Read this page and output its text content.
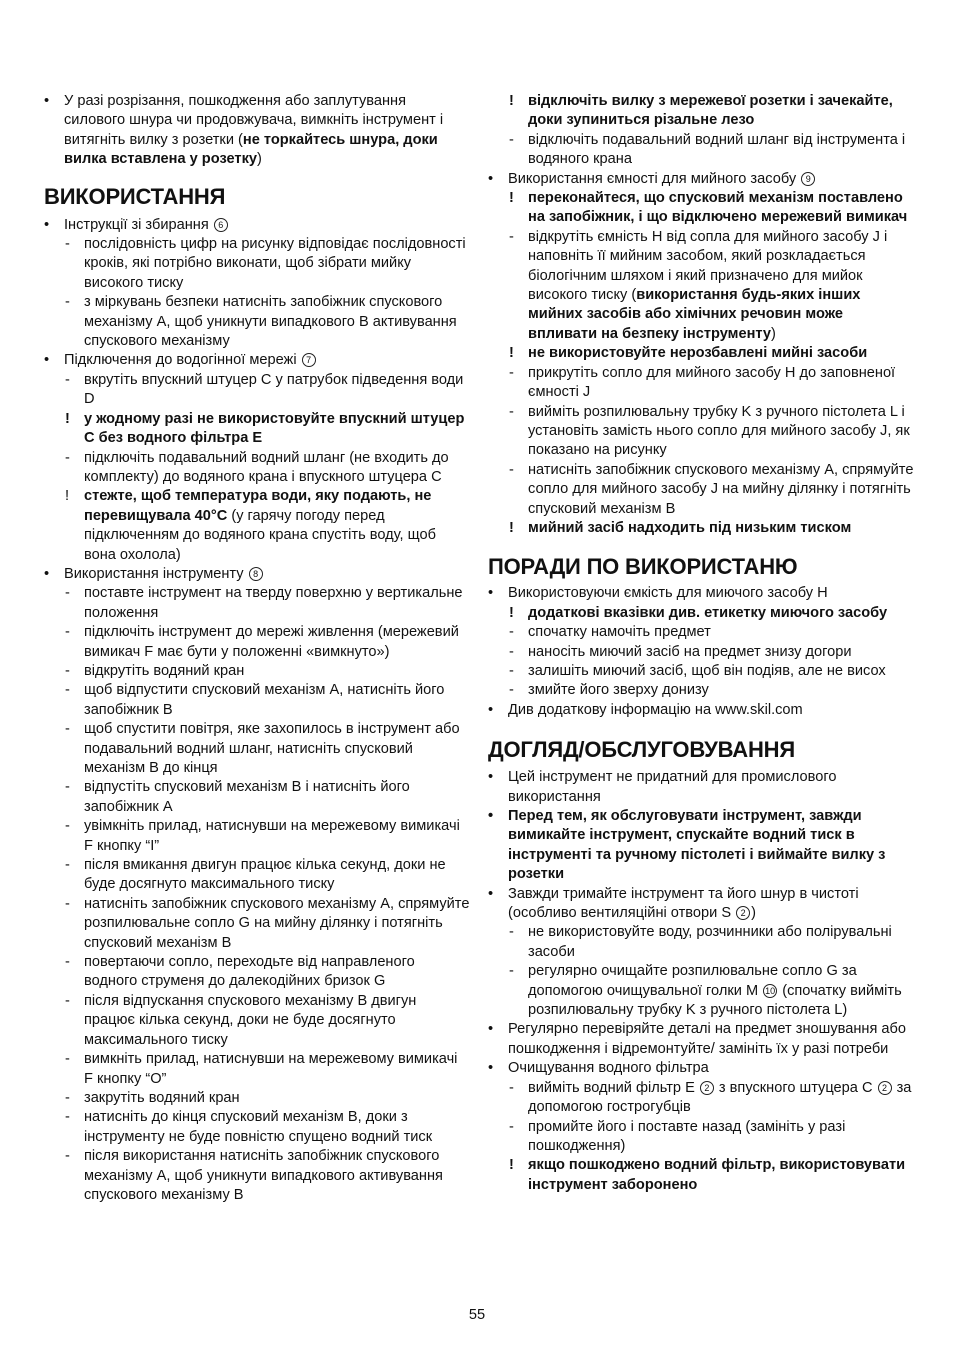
• У разі розрізання, пошкодження або заплутування силового шнура чи продовжувача, вимкніть інструмент і витягніть вилку з розетки (не торкайтесь шнура, доки вилка вставлена у розетку)
ВИКОРИСТАННЯ
• Інструкції зі збирання 6
- послідовність цифр на рисунку відповідає послідовності кроків, які потрібно виконати, щоб зібрати мийку високого тиску
- з міркувань безпеки натисніть запобіжник спускового механізму A, щоб уникнути випадкового B активування спускового механізму
• Підключення до водогінної мережі 7
- вкрутіть впускний штуцер C у патрубок підведення води D
! у жодному разі не використовуйте впускний штуцер C без водного фільтра E
- підключіть подавальний водний шланг (не входить до комплекту) до водяного крана і впускного штуцера C
! стежте, щоб температура води, яку подають, не перевищувала 40°C (у гарячу погоду перед підключенням до водяного крана спустіть воду, щоб вона охолола)
• Використання інструменту 8
- поставте інструмент на тверду поверхню у вертикальне положення
- підключіть інструмент до мережі живлення (мережевий вимикач F має бути у положенні «вимкнуто»)
- відкрутіть водяний кран
- щоб відпустити спусковий механізм A, натисніть його запобіжник B
- щоб спустити повітря, яке захопилось в інструмент або подавальний водний шланг, натисніть спусковий механізм B до кінця
- відпустіть спусковий механізм B і натисніть його запобіжник A
- увімкніть прилад, натиснувши на мережевому вимикачі F кнопку “I”
- після вмикання двигун працює кілька секунд, доки не буде досягнуто максимального тиску
- натисніть запобіжник спускового механізму A, спрямуйте розпилювальне сопло G на мийну ділянку і потягніть спусковий механізм B
- повертаючи сопло, переходьте від направленого водного струменя до далекодійних бризок G
- після відпускання спускового механізму B двигун працює кілька секунд, доки не буде досягнуто максимального тиску
- вимкніть прилад, натиснувши на мережевому вимикачі F кнопку “O”
- закрутіть водяний кран
- натисніть до кінця спусковий механізм B, доки з інструменту не буде повністю спущено водний тиск
- після використання натисніть запобіжник спускового механізму A, щоб уникнути випадкового активування спускового механізму B
! відключіть вилку з мережевої розетки і зачекайте, доки зупиниться різальне лезо
- відключіть подавальний водний шланг від інструмента і водяного крана
• Використання ємності для мийного засобу 9
! переконайтеся, що спусковий механізм поставлено на запобіжник, і що відключено мережевий вимикач
- відкрутіть ємність H від сопла для мийного засобу J і наповніть її мийним засобом, який розкладається біологічним шляхом і який призначено для мийок високого тиску (використання будь-яких інших мийних засобів або хімічних речовин може впливати на безпеку інструменту)
! не використовуйте нерозбавлені мийні засоби
- прикрутіть сопло для мийного засобу H до заповненої ємності J
- вийміть розпилювальну трубку K з ручного пістолета L і установіть замість нього сопло для мийного засобу J, як показано на рисунку
- натисніть запобіжник спускового механізму A, спрямуйте сопло для мийного засобу J на мийну ділянку і потягніть спусковий механізм B
! мийний засіб надходить під низьким тиском
ПОРАДИ ПО ВИКОРИСТАНЮ
• Використовуючи ємкість для миючого засобу H
! додаткові вказівки див. етикетку миючого засобу
- спочатку намочіть предмет
- наносіть миючий засіб на предмет знизу догори
- залишіть миючий засіб, щоб він подіяв, але не висох
- змийте його зверху донизу
• Див додаткову інформацію на www.skil.com
ДОГЛЯД/ОБСЛУГОВУВАННЯ
• Цей інструмент не придатний для промислового використання
• Перед тем, як обслуговувати інструмент, завжди вимикайте інструмент, спускайте водний тиск в інструменті та ручному пістолеті і виймайте вилку з розетки
• Завжди тримайте інструмент та його шнур в чистоті (особливо вентиляційні отвори S 2 )
- не використовуйте воду, розчинники або полірувальні засоби
- регулярно очищайте розпилювальне сопло G за допомогою очищувальної голки M 10 (спочатку вийміть розпилювальну трубку K з ручного пістолета L)
• Регулярно перевіряйте деталі на предмет зношування або пошкодження і відремонтуйте/ замініть їх у разі потреби
• Очищування водного фільтра
- вийміть водний фільтр E 2 з впускного штуцера C 2 за допомогою гострогубців
- промийте його і поставте назад (замініть у разі пошкодження)
! якщо пошкоджено водний фільтр, використовувати інструмент заборонено
55
